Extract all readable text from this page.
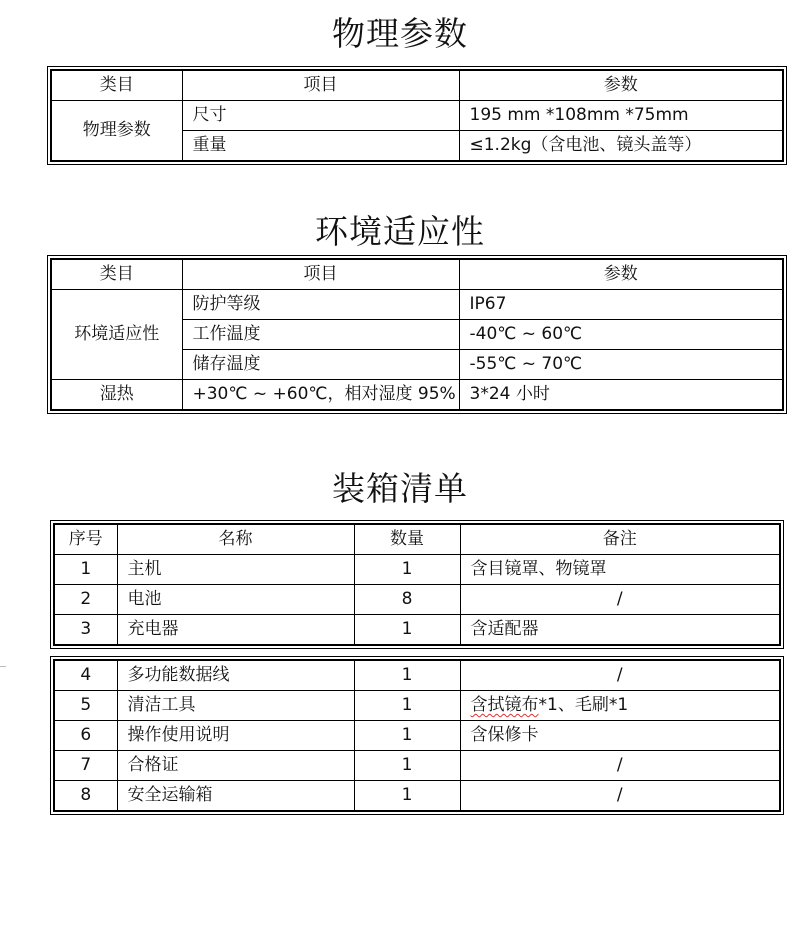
物理参数
类目	项目	参数
物理参数	尺寸	195 mm *108mm *75mm
	重量	≤1.2kg（含电池、镜头盖等）
环境适应性
类目	项目	参数
环境适应性	防护等级	IP67
	工作温度	-40℃ ~ 60℃
	储存温度	-55℃ ~ 70℃
湿热	+30℃ ~ +60℃，相对湿度 95%	3*24 小时
装箱清单
序号	名称	数量	备注
1	主机	1	含目镜罩、物镜罩
2	电池	8	/
3	充电器	1	含适配器
4	多功能数据线	1	/
5	清洁工具	1	含拭镜布*1、毛刷*1
6	操作使用说明	1	含保修卡
7	合格证	1	/
8	安全运输箱	1	/
